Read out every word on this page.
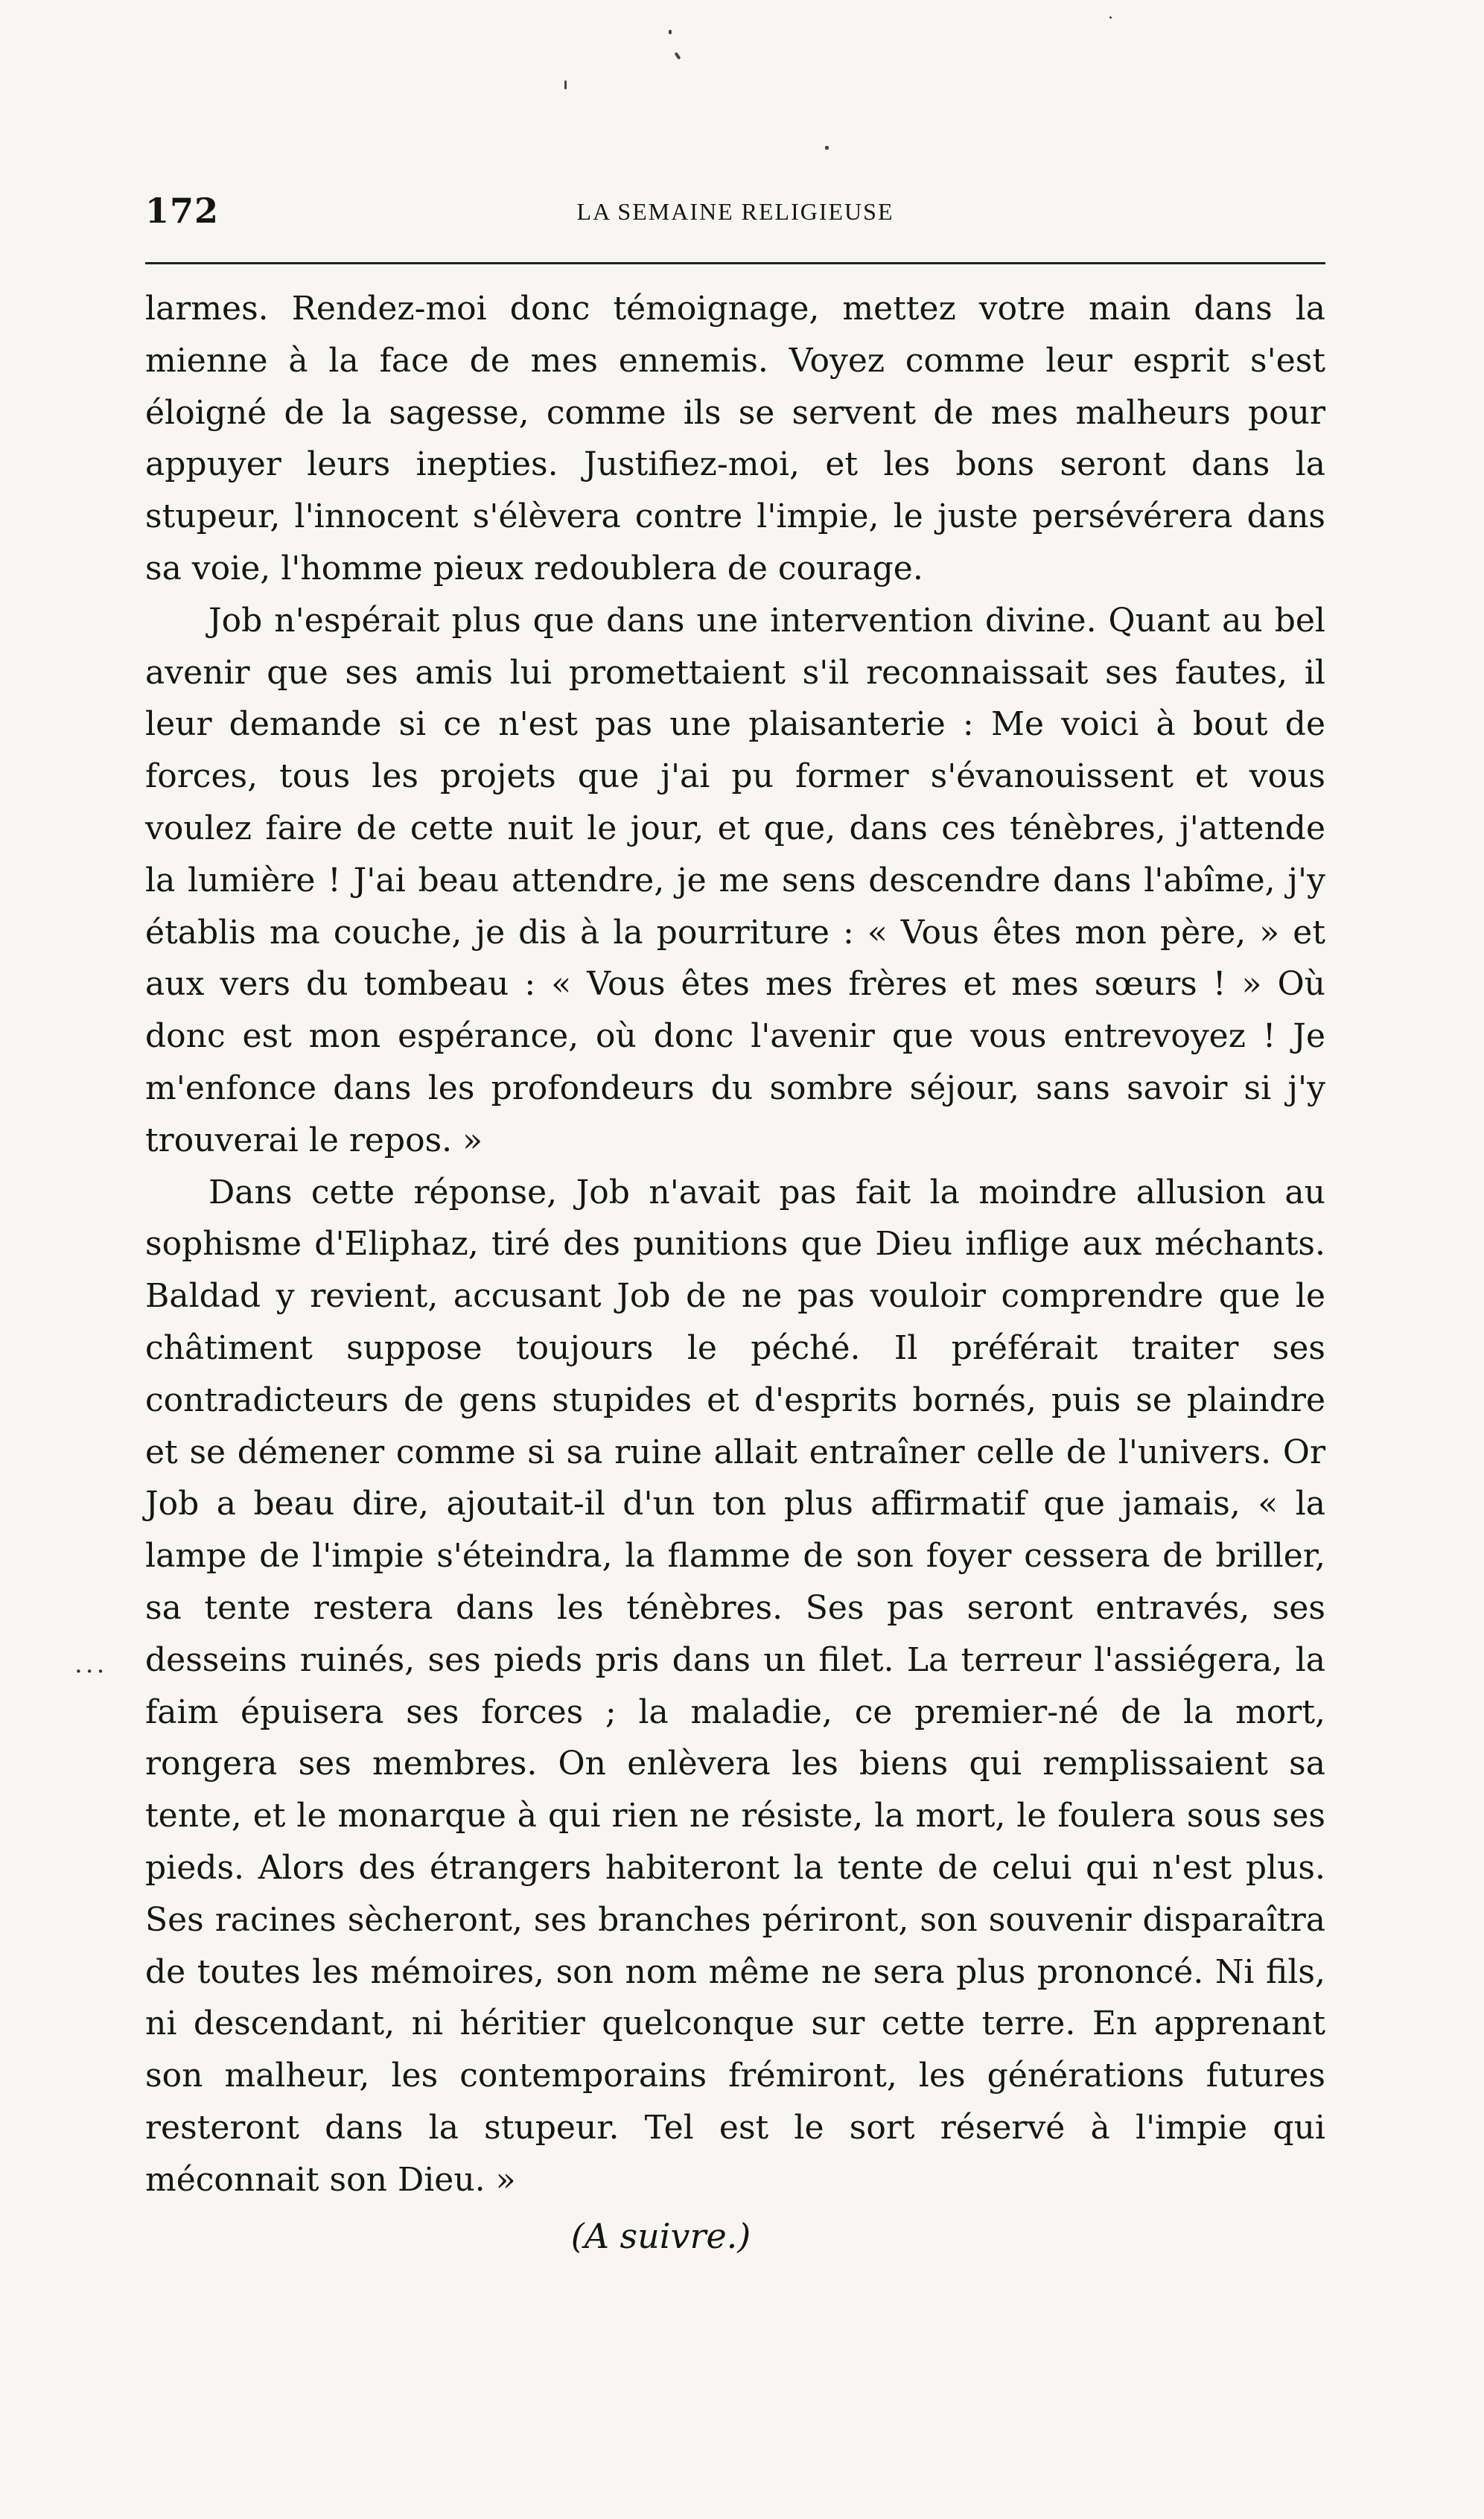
172	LA SEMAINE RELIGIEUSE

larmes. Rendez-moi donc témoignage, mettez votre main dans la mienne à la face de mes ennemis. Voyez comme leur esprit s'est éloigné de la sagesse, comme ils se servent de mes malheurs pour appuyer leurs inepties. Justifiez-moi, et les bons seront dans la stupeur, l'innocent s'élèvera contre l'impie, le juste persévérera dans sa voie, l'homme pieux redoublera de courage.

Job n'espérait plus que dans une intervention divine. Quant au bel avenir que ses amis lui promettaient s'il reconnaissait ses fautes, il leur demande si ce n'est pas une plaisanterie : Me voici à bout de forces, tous les projets que j'ai pu former s'évanouissent et vous voulez faire de cette nuit le jour, et que, dans ces ténèbres, j'attende la lumière ! J'ai beau attendre, je me sens descendre dans l'abîme, j'y établis ma couche, je dis à la pourriture : « Vous êtes mon père, » et aux vers du tombeau : « Vous êtes mes frères et mes sœurs ! » Où donc est mon espérance, où donc l'avenir que vous entrevoyez ! Je m'enfonce dans les profondeurs du sombre séjour, sans savoir si j'y trouverai le repos. »

Dans cette réponse, Job n'avait pas fait la moindre allusion au sophisme d'Eliphaz, tiré des punitions que Dieu inflige aux méchants. Baldad y revient, accusant Job de ne pas vouloir comprendre que le châtiment suppose toujours le péché. Il préférait traiter ses contradicteurs de gens stupides et d'esprits bornés, puis se plaindre et se démener comme si sa ruine allait entraîner celle de l'univers. Or Job a beau dire, ajoutait-il d'un ton plus affirmatif que jamais, « la lampe de l'impie s'éteindra, la flamme de son foyer cessera de briller, sa tente restera dans les ténèbres. Ses pas seront entravés, ses desseins ruinés, ses pieds pris dans un filet. La terreur l'assiégera, la faim épuisera ses forces ; la maladie, ce premier-né de la mort, rongera ses membres. On enlèvera les biens qui remplissaient sa tente, et le monarque à qui rien ne résiste, la mort, le foulera sous ses pieds. Alors des étrangers habiteront la tente de celui qui n'est plus. Ses racines sècheront, ses branches périront, son souvenir disparaîtra de toutes les mémoires, son nom même ne sera plus prononcé. Ni fils, ni descendant, ni héritier quelconque sur cette terre. En apprenant son malheur, les contemporains frémiront, les générations futures resteront dans la stupeur. Tel est le sort réservé à l'impie qui méconnait son Dieu. »

...
(A suivre.)
